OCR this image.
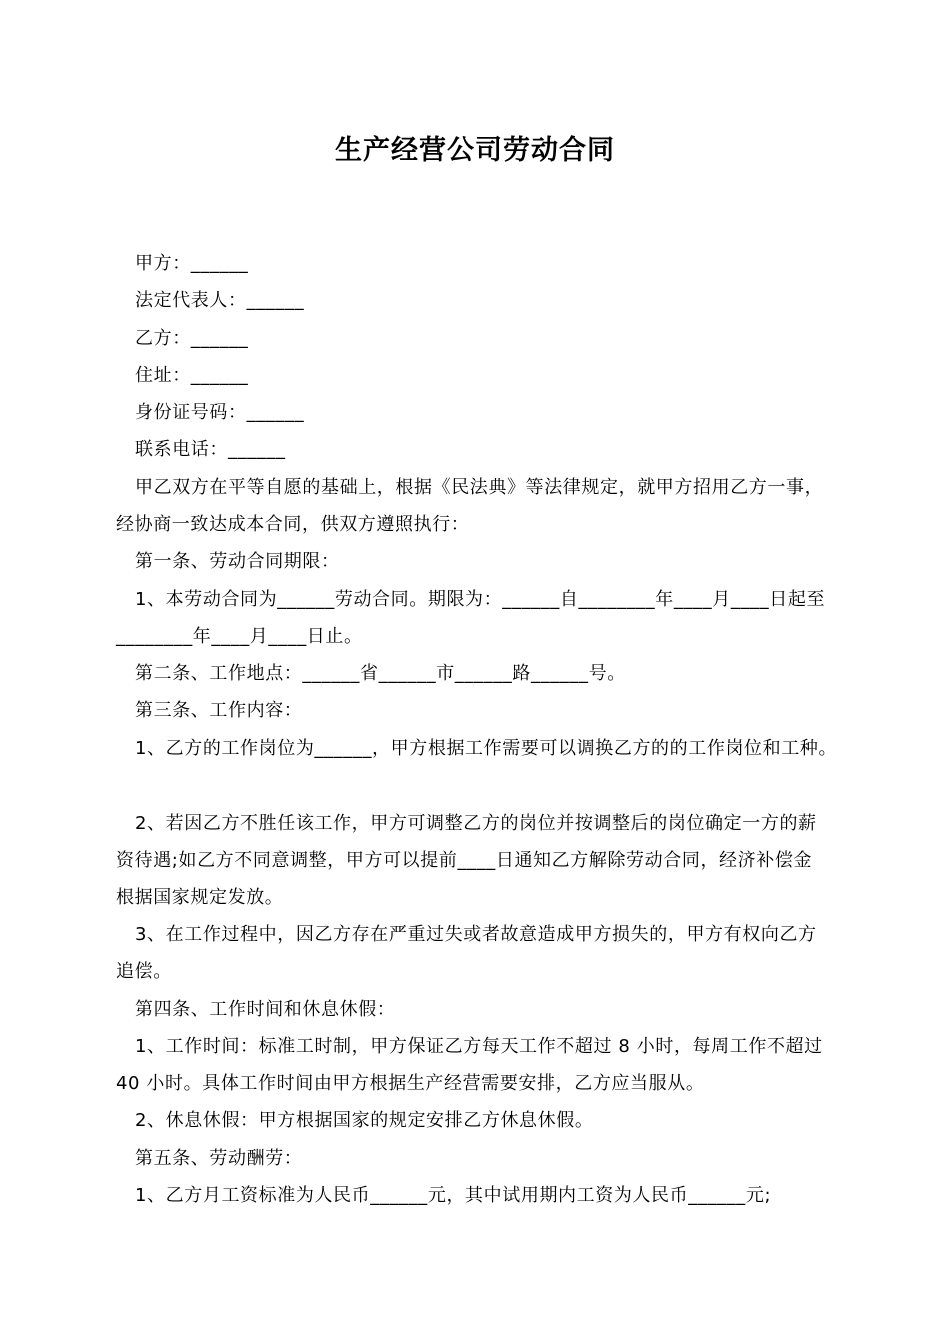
生产经营公司劳动合同
甲方：______
法定代表人：______
乙方：______
住址：______
身份证号码：______
联系电话：______
甲乙双方在平等自愿的基础上，根据《民法典》等法律规定，就甲方招用乙方一事，
经协商一致达成本合同，供双方遵照执行：
第一条、劳动合同期限：
1、本劳动合同为______劳动合同。期限为：______自________年____月____日起至
________年____月____日止。
第二条、工作地点：______省______市______路______号。
第三条、工作内容：
1、乙方的工作岗位为______，甲方根据工作需要可以调换乙方的的工作岗位和工种。
2、若因乙方不胜任该工作，甲方可调整乙方的岗位并按调整后的岗位确定一方的薪
资待遇;如乙方不同意调整，甲方可以提前____日通知乙方解除劳动合同，经济补偿金
根据国家规定发放。
3、在工作过程中，因乙方存在严重过失或者故意造成甲方损失的，甲方有权向乙方
追偿。
第四条、工作时间和休息休假：
1、工作时间：标准工时制，甲方保证乙方每天工作不超过 8 小时，每周工作不超过
40 小时。具体工作时间由甲方根据生产经营需要安排，乙方应当服从。
2、休息休假：甲方根据国家的规定安排乙方休息休假。
第五条、劳动酬劳：
1、乙方月工资标准为人民币______元，其中试用期内工资为人民币______元;
